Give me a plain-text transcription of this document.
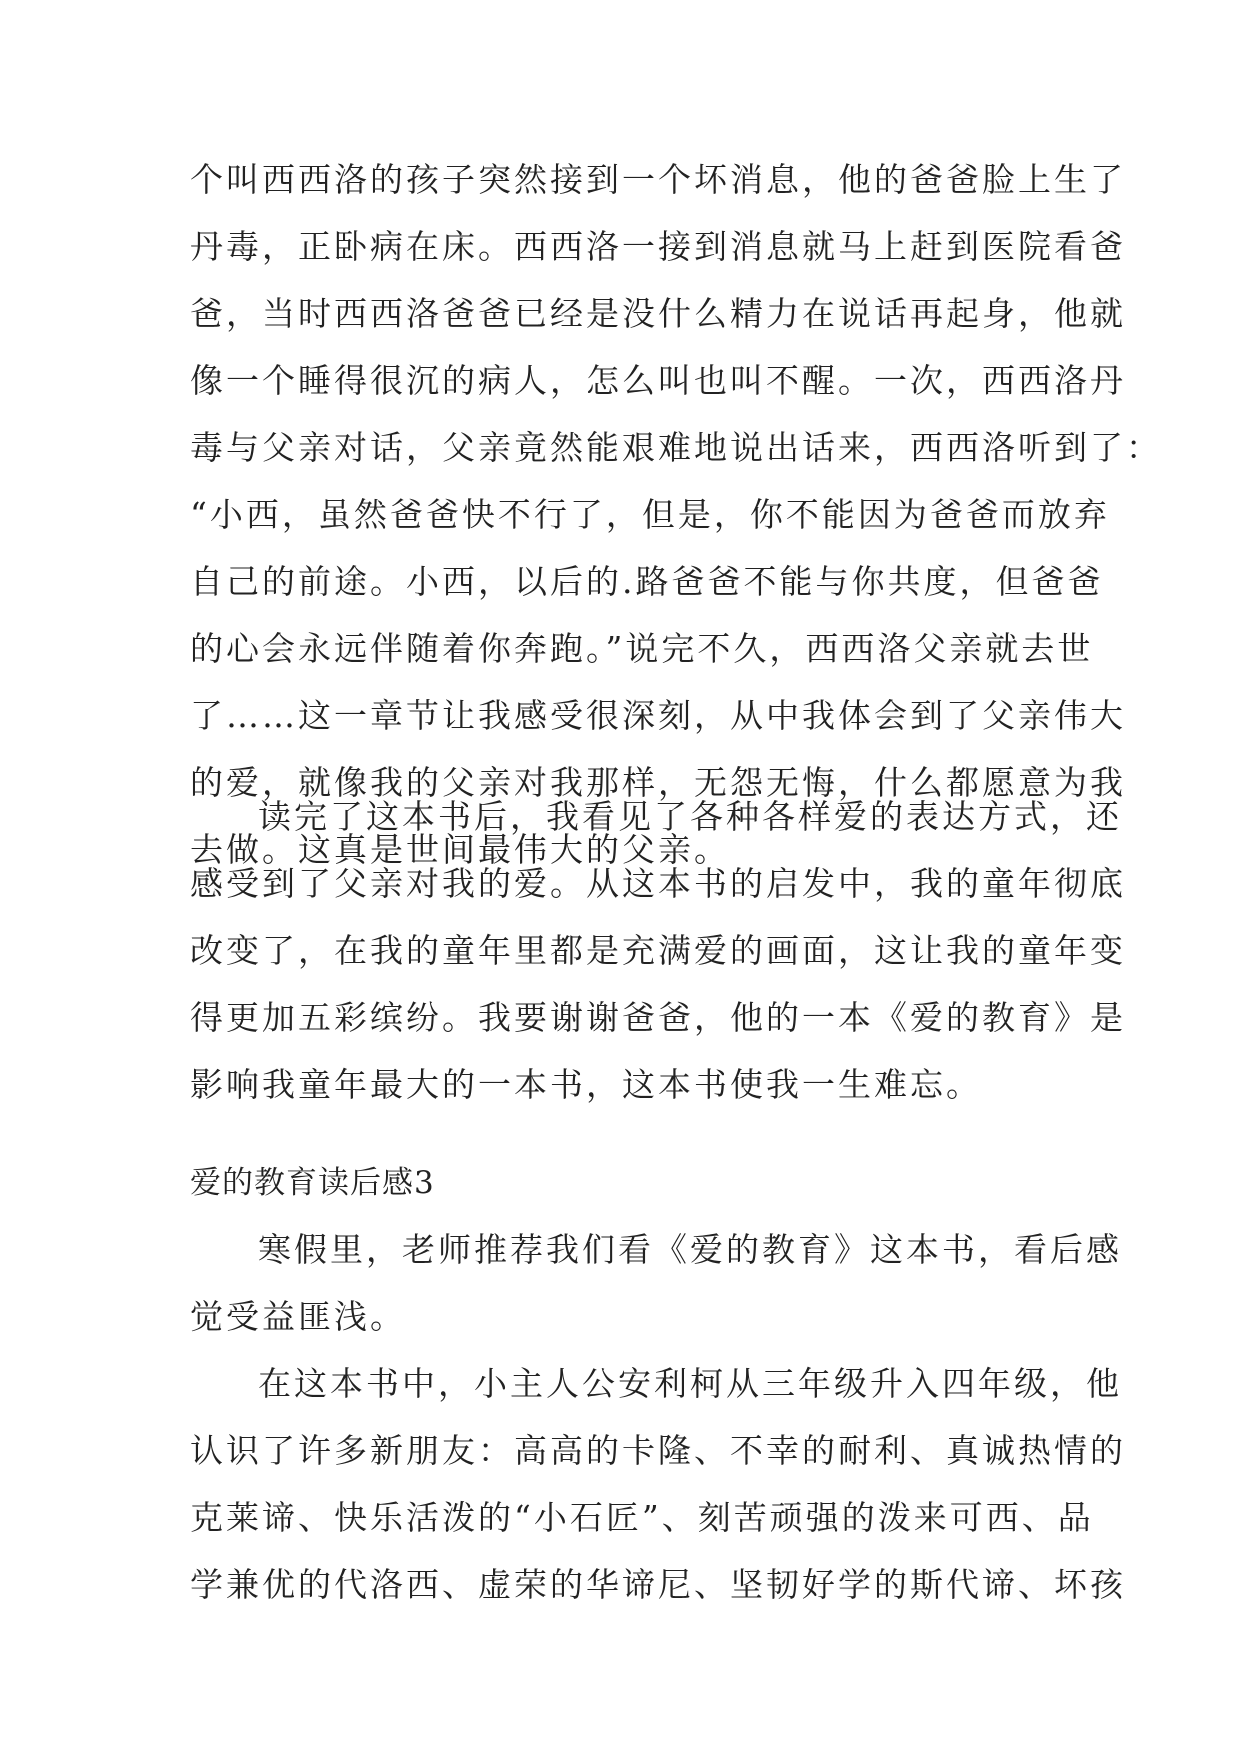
个叫西西洛的孩子突然接到一个坏消息，他的爸爸脸上生了
丹毒，正卧病在床。西西洛一接到消息就马上赶到医院看爸
爸，当时西西洛爸爸已经是没什么精力在说话再起身，他就
像一个睡得很沉的病人，怎么叫也叫不醒。一次，西西洛丹
毒与父亲对话，父亲竟然能艰难地说出话来，西西洛听到了：
“小西，虽然爸爸快不行了，但是，你不能因为爸爸而放弃
自己的前途。小西，以后的.路爸爸不能与你共度，但爸爸
的心会永远伴随着你奔跑。”说完不久，西西洛父亲就去世
了……这一章节让我感受很深刻，从中我体会到了父亲伟大
的爱，就像我的父亲对我那样，无怨无悔，什么都愿意为我
去做。这真是世间最伟大的父亲。
读完了这本书后，我看见了各种各样爱的表达方式，还
感受到了父亲对我的爱。从这本书的启发中，我的童年彻底
改变了，在我的童年里都是充满爱的画面，这让我的童年变
得更加五彩缤纷。我要谢谢爸爸，他的一本《爱的教育》是
影响我童年最大的一本书，这本书使我一生难忘。
爱的教育读后感3
寒假里，老师推荐我们看《爱的教育》这本书，看后感
觉受益匪浅。
在这本书中，小主人公安利柯从三年级升入四年级，他
认识了许多新朋友：高高的卡隆、不幸的耐利、真诚热情的
克莱谛、快乐活泼的“小石匠”、刻苦顽强的泼来可西、品
学兼优的代洛西、虚荣的华谛尼、坚韧好学的斯代谛、坏孩
